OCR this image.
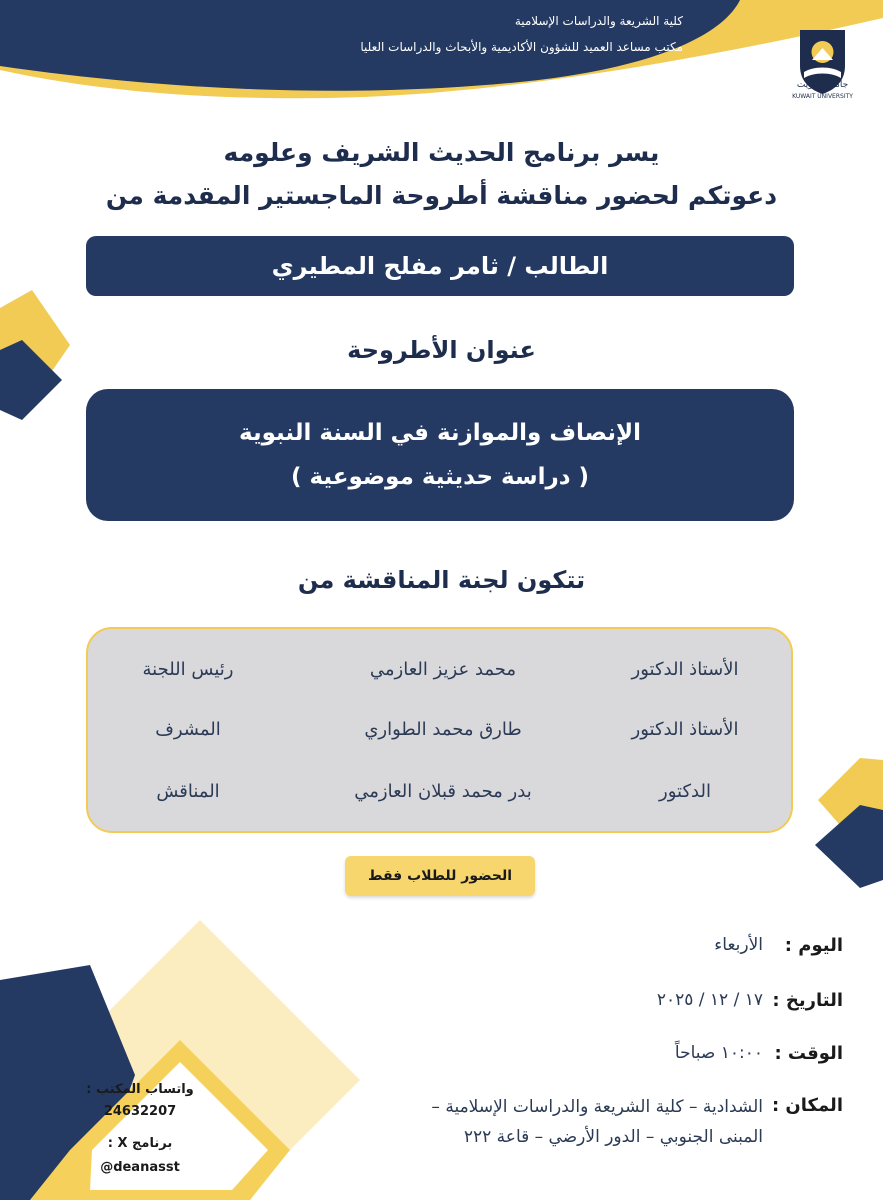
كلية الشريعة والدراسات الإسلامية
مكتب مساعد العميد للشؤون الأكاديمية والأبحاث والدراسات العليا
جامعة الكويت
KUWAIT UNIVERSITY
يسر برنامج الحديث الشريف وعلومه
دعوتكم لحضور مناقشة أطروحة الماجستير المقدمة من
الطالب / ثامر مفلح المطيري
عنوان الأطروحة
الإنصاف والموازنة في السنة النبوية
( دراسة حديثية موضوعية )
تتكون لجنة المناقشة من
الأستاذ الدكتور
محمد عزيز العازمي
رئيس اللجنة
الأستاذ الدكتور
طارق محمد الطواري
المشرف
الدكتور
بدر محمد قبلان العازمي
المناقش
الحضور للطلاب فقط
اليوم :
الأربعاء
التاريخ :
١٧ / ١٢ / ٢٠٢٥
الوقت :
١٠:٠٠ صباحاً
المكان :
الشدادية – كلية الشريعة والدراسات الإسلامية – المبنى الجنوبي – الدور الأرضي – قاعة ٢٢٢
واتساب المكتب :
24632207
برنامج X :
@deanasst
